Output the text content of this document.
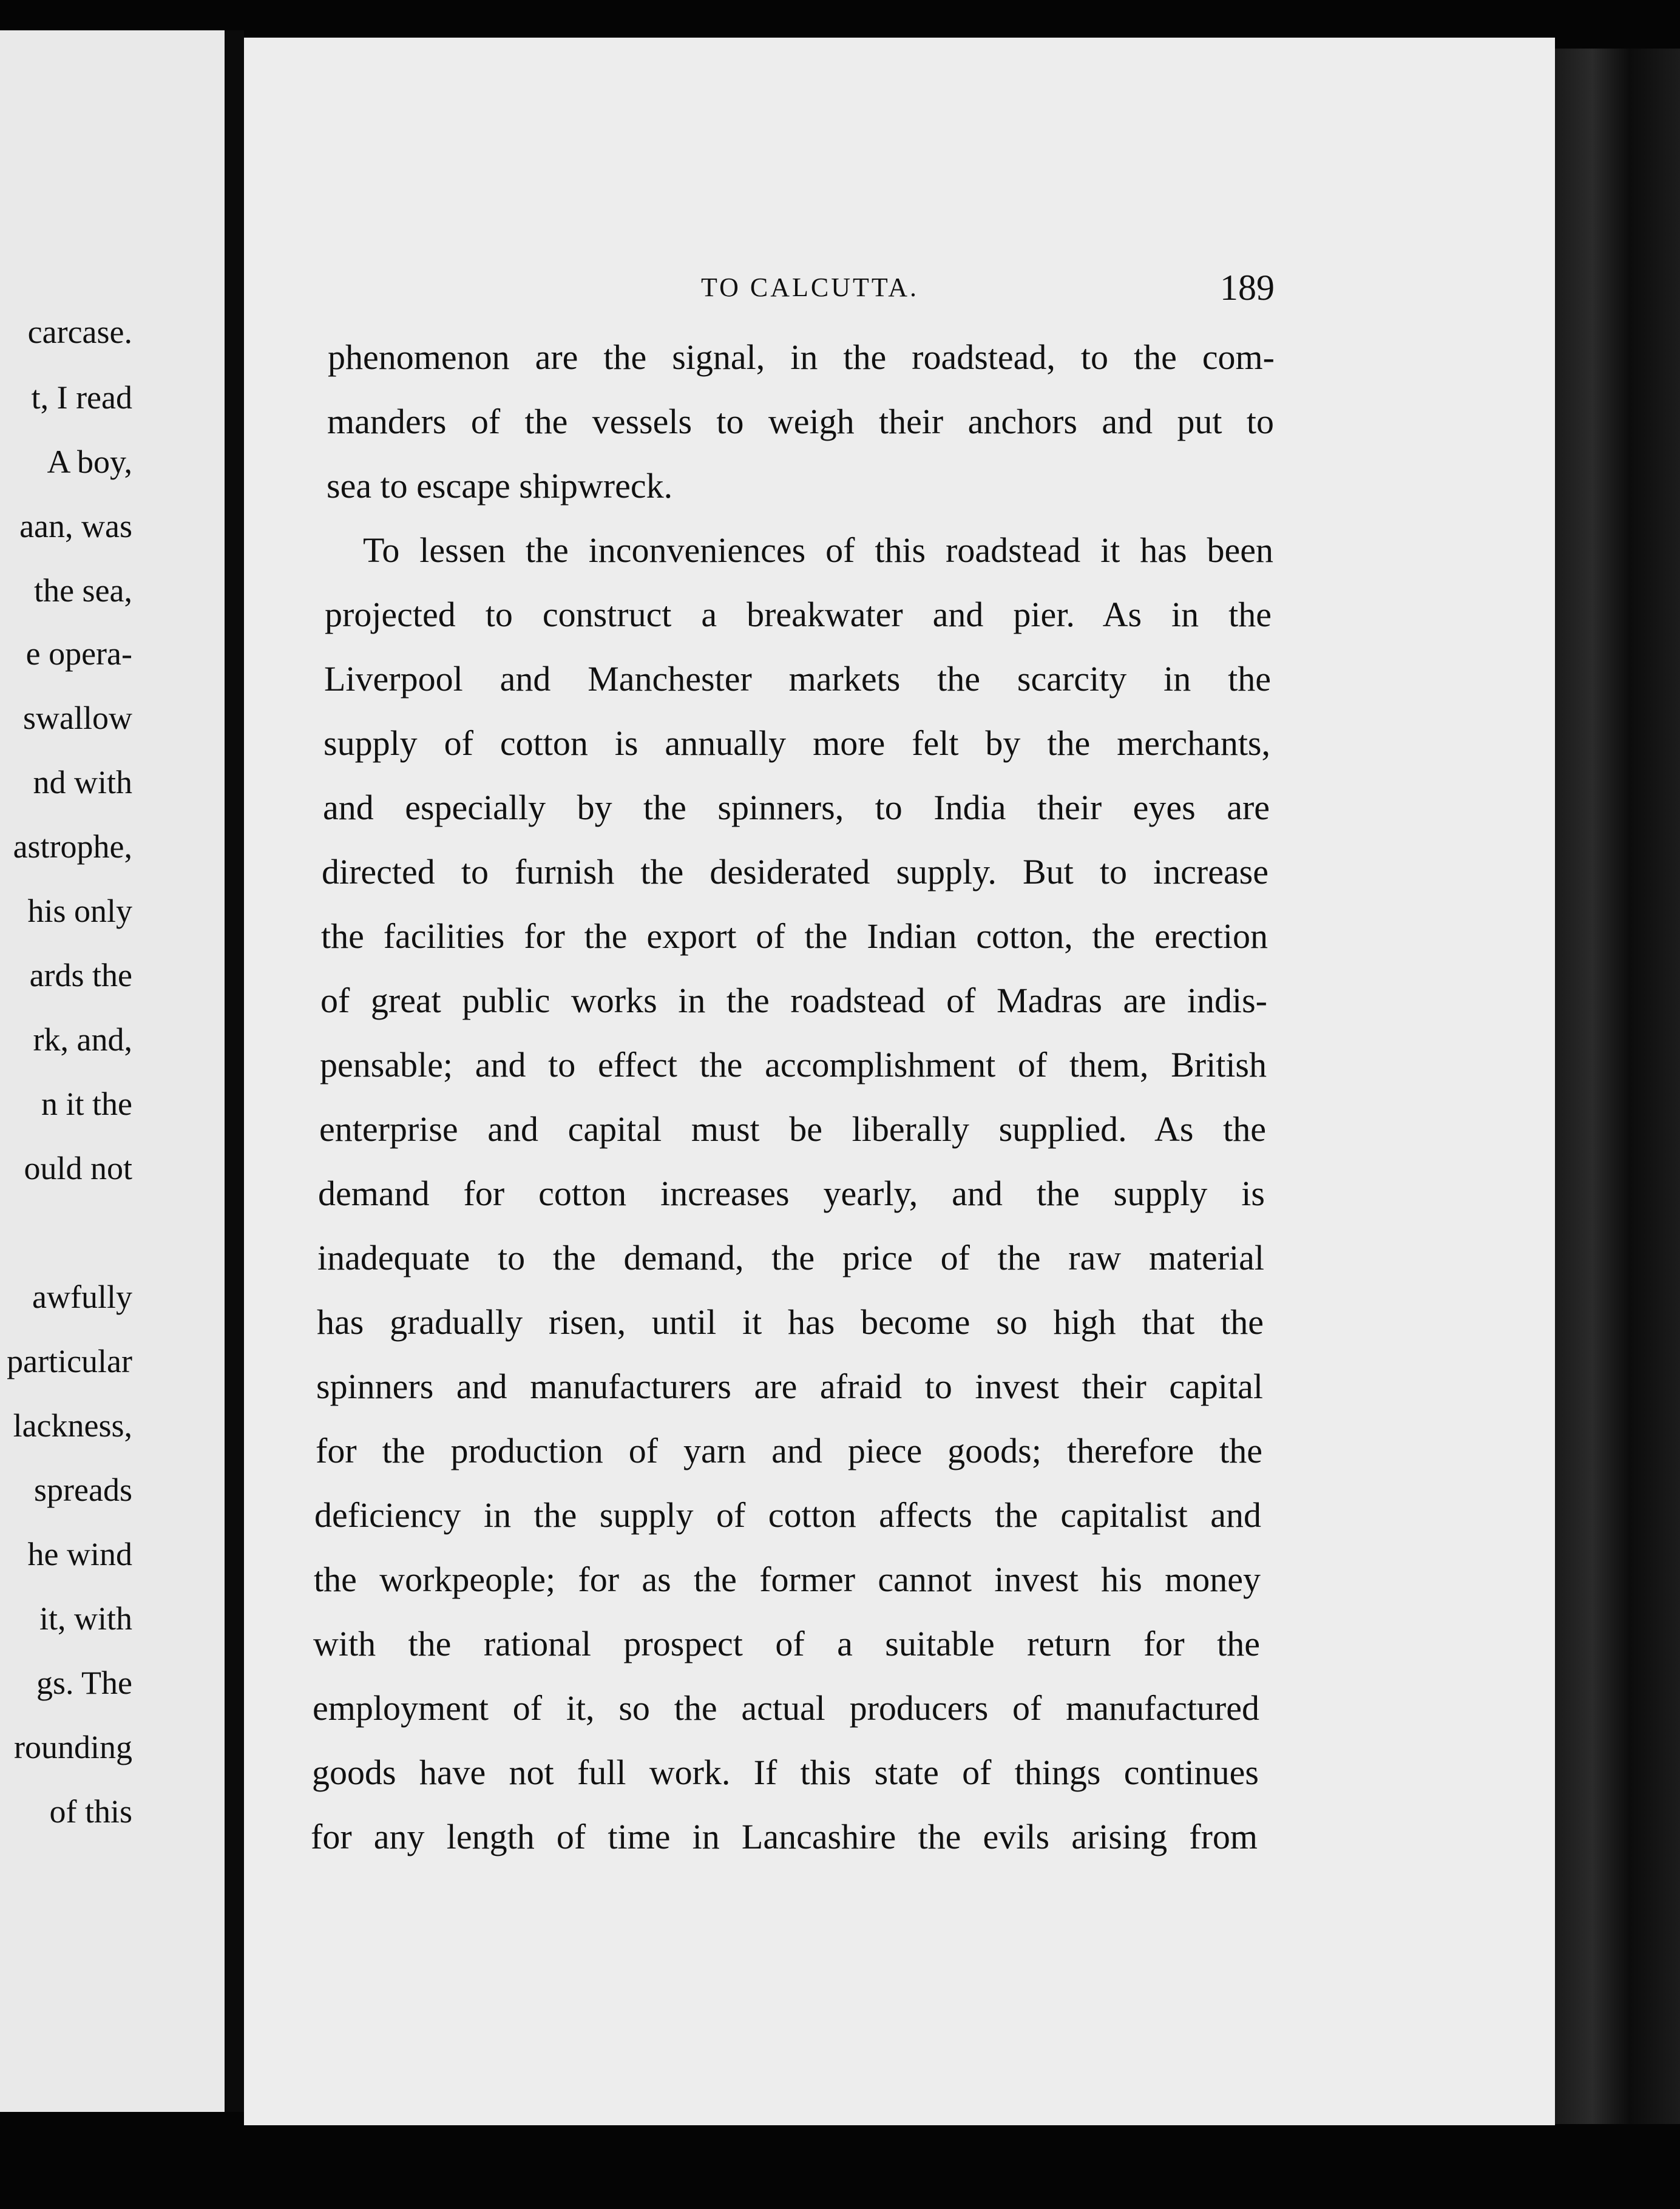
carcase.
t, I read
A boy,
aan, was
the sea,
e opera-
swallow
nd with
astrophe,
his only
ards the
rk, and,
n it the
ould not
awfully
particular
lackness,
spreads
he wind
it, with
gs. The
rounding
of this
TO CALCUTTA.	189
phenomenon are the signal, in the roadstead, to the com-
manders of the vessels to weigh their anchors and put to
sea to escape shipwreck.
To lessen the inconveniences of this roadstead it has been
projected to construct a breakwater and pier. As in the
Liverpool and Manchester markets the scarcity in the
supply of cotton is annually more felt by the merchants,
and especially by the spinners, to India their eyes are
directed to furnish the desiderated supply. But to increase
the facilities for the export of the Indian cotton, the erection
of great public works in the roadstead of Madras are indis-
pensable; and to effect the accomplishment of them, British
enterprise and capital must be liberally supplied. As the
demand for cotton increases yearly, and the supply is
inadequate to the demand, the price of the raw material
has gradually risen, until it has become so high that the
spinners and manufacturers are afraid to invest their capital
for the production of yarn and piece goods; therefore the
deficiency in the supply of cotton affects the capitalist and
the workpeople; for as the former cannot invest his money
with the rational prospect of a suitable return for the
employment of it, so the actual producers of manufactured
goods have not full work. If this state of things continues
for any length of time in Lancashire the evils arising from
